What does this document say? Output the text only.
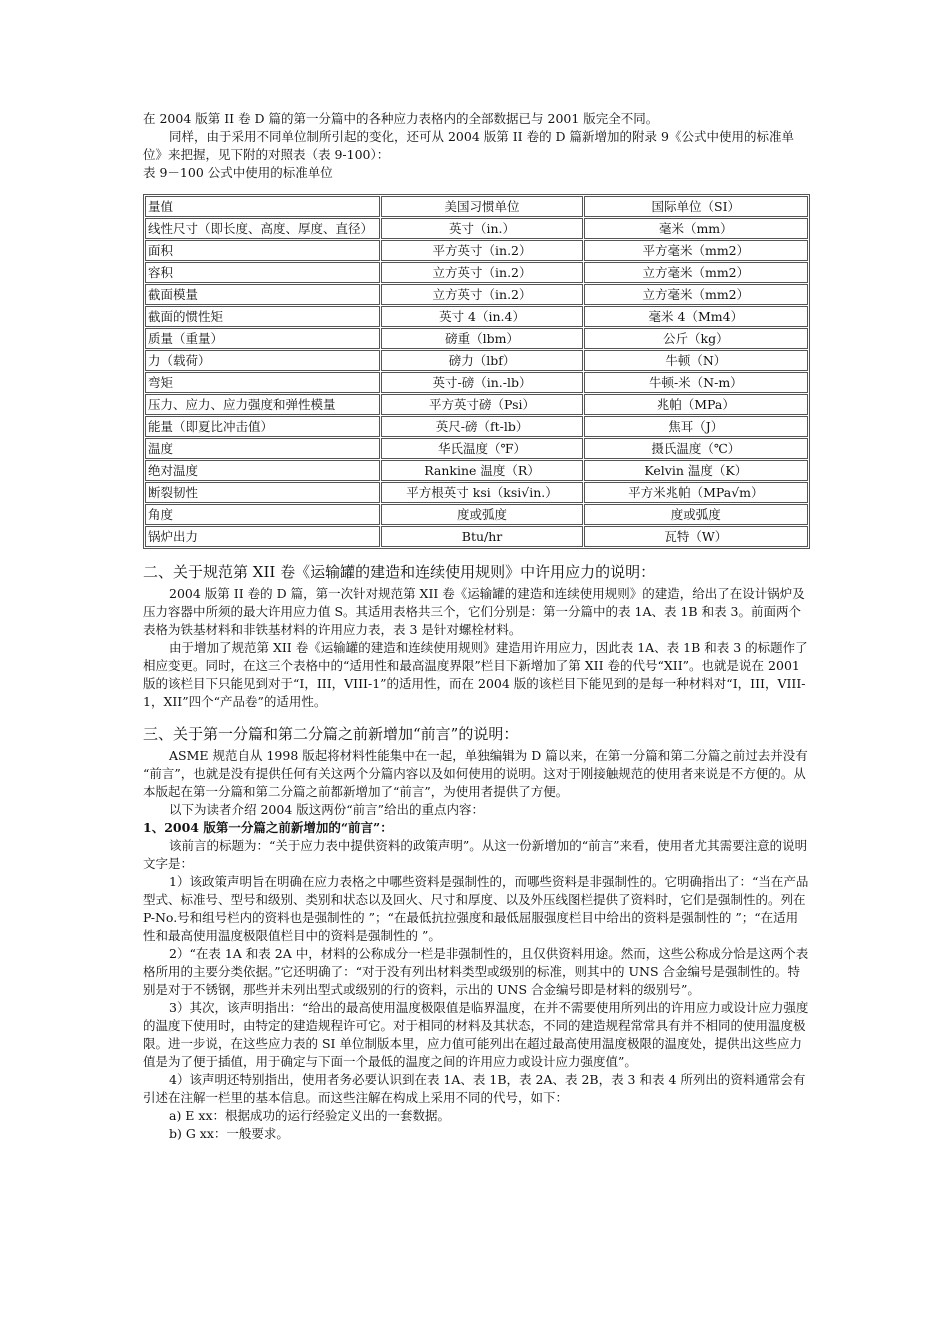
在 2004 版第 II 卷 D 篇的第一分篇中的各种应力表格内的全部数据已与 2001 版完全不同。

同样，由于采用不同单位制所引起的变化，还可从 2004 版第 II 卷的 D 篇新增加的附录 9《公式中使用的标准单位》来把握，见下附的对照表（表 9-100）：

表 9－100 公式中使用的标准单位

量值	美国习惯单位	国际单位（SI）
线性尺寸（即长度、高度、厚度、直径）	英寸（in.）	毫米（mm）
面积	平方英寸（in.2）	平方毫米（mm2）
容积	立方英寸（in.2）	立方毫米（mm2）
截面模量	立方英寸（in.2）	立方毫米（mm2）
截面的惯性矩	英寸 4（in.4）	毫米 4（Mm4）
质量（重量）	磅重（lbm）	公斤（kg）
力（载荷）	磅力（lbf）	牛顿（N）
弯矩	英寸-磅（in.-lb）	牛顿-米（N-m）
压力、应力、应力强度和弹性模量	平方英寸磅（Psi）	兆帕（MPa）
能量（即夏比冲击值）	英尺-磅（ft-lb）	焦耳（J）
温度	华氏温度（℉）	摄氏温度（℃）
绝对温度	Rankine 温度（R）	Kelvin 温度（K）
断裂韧性	平方根英寸 ksi（ksi√in.）	平方米兆帕（MPa√m）
角度	度或弧度	度或弧度
锅炉出力	Btu/hr	瓦特（W）

二、关于规范第 XII 卷《运输罐的建造和连续使用规则》中许用应力的说明：

2004 版第 II 卷的 D 篇，第一次针对规范第 XII 卷《运输罐的建造和连续使用规则》的建造，给出了在设计锅炉及压力容器中所须的最大许用应力值 S。其适用表格共三个，它们分别是：第一分篇中的表 1A、表 1B 和表 3。前面两个表格为铁基材料和非铁基材料的许用应力表，表 3 是针对螺栓材料。

由于增加了规范第 XII 卷《运输罐的建造和连续使用规则》建造用许用应力，因此表 1A、表 1B 和表 3 的标题作了相应变更。同时，在这三个表格中的“适用性和最高温度界限”栏目下新增加了第 XII 卷的代号“XII”。也就是说在 2001 版的该栏目下只能见到对于“I，III，VIII-1”的适用性，而在 2004 版的该栏目下能见到的是每一种材料对“I，III，VIII-1，XII”四个“产品卷”的适用性。

三、关于第一分篇和第二分篇之前新增加“前言”的说明：

ASME 规范自从 1998 版起将材料性能集中在一起，单独编辑为 D 篇以来，在第一分篇和第二分篇之前过去并没有 “前言”，也就是没有提供任何有关这两个分篇内容以及如何使用的说明。这对于刚接触规范的使用者来说是不方便的。从本版起在第一分篇和第二分篇之前都新增加了“前言”，为使用者提供了方便。

以下为读者介绍 2004 版这两份“前言”给出的重点内容：

1、2004 版第一分篇之前新增加的“前言”：

该前言的标题为：“关于应力表中提供资料的政策声明”。从这一份新增加的“前言”来看，使用者尤其需要注意的说明文字是：

1）该政策声明旨在明确在应力表格之中哪些资料是强制性的，而哪些资料是非强制性的。它明确指出了：“当在产品型式、标准号、型号和级别、类别和状态以及回火、尺寸和厚度、以及外压线图栏提供了资料时，它们是强制性的。列在 P-No.号和组号栏内的资料也是强制性的 ”；“在最低抗拉强度和最低屈服强度栏目中给出的资料是强制性的 ”；“在适用性和最高使用温度极限值栏目中的资料是强制性的 ”。

2）“在表 1A 和表 2A 中，材料的公称成分一栏是非强制性的，且仅供资料用途。然而，这些公称成分恰是这两个表格所用的主要分类依据。”它还明确了：“对于没有列出材料类型或级别的标准，则其中的 UNS 合金编号是强制性的。特别是对于不锈钢，那些并未列出型式或级别的行的资料，示出的 UNS 合金编号即是材料的级别号”。

3）其次，该声明指出：“给出的最高使用温度极限值是临界温度，在并不需要使用所列出的许用应力或设计应力强度的温度下使用时，由特定的建造规程许可它。对于相同的材料及其状态，不同的建造规程常常具有并不相同的使用温度极限。进一步说，在这些应力表的 SI 单位制版本里，应力值可能列出在超过最高使用温度极限的温度处，提供出这些应力值是为了便于插值，用于确定与下面一个最低的温度之间的许用应力或设计应力强度值”。

4）该声明还特别指出，使用者务必要认识到在表 1A、表 1B，表 2A、表 2B，表 3 和表 4 所列出的资料通常会有引述在注解一栏里的基本信息。而这些注解在构成上采用不同的代号，如下：

a) E xx：根据成功的运行经验定义出的一套数据。

b) G xx：一般要求。
